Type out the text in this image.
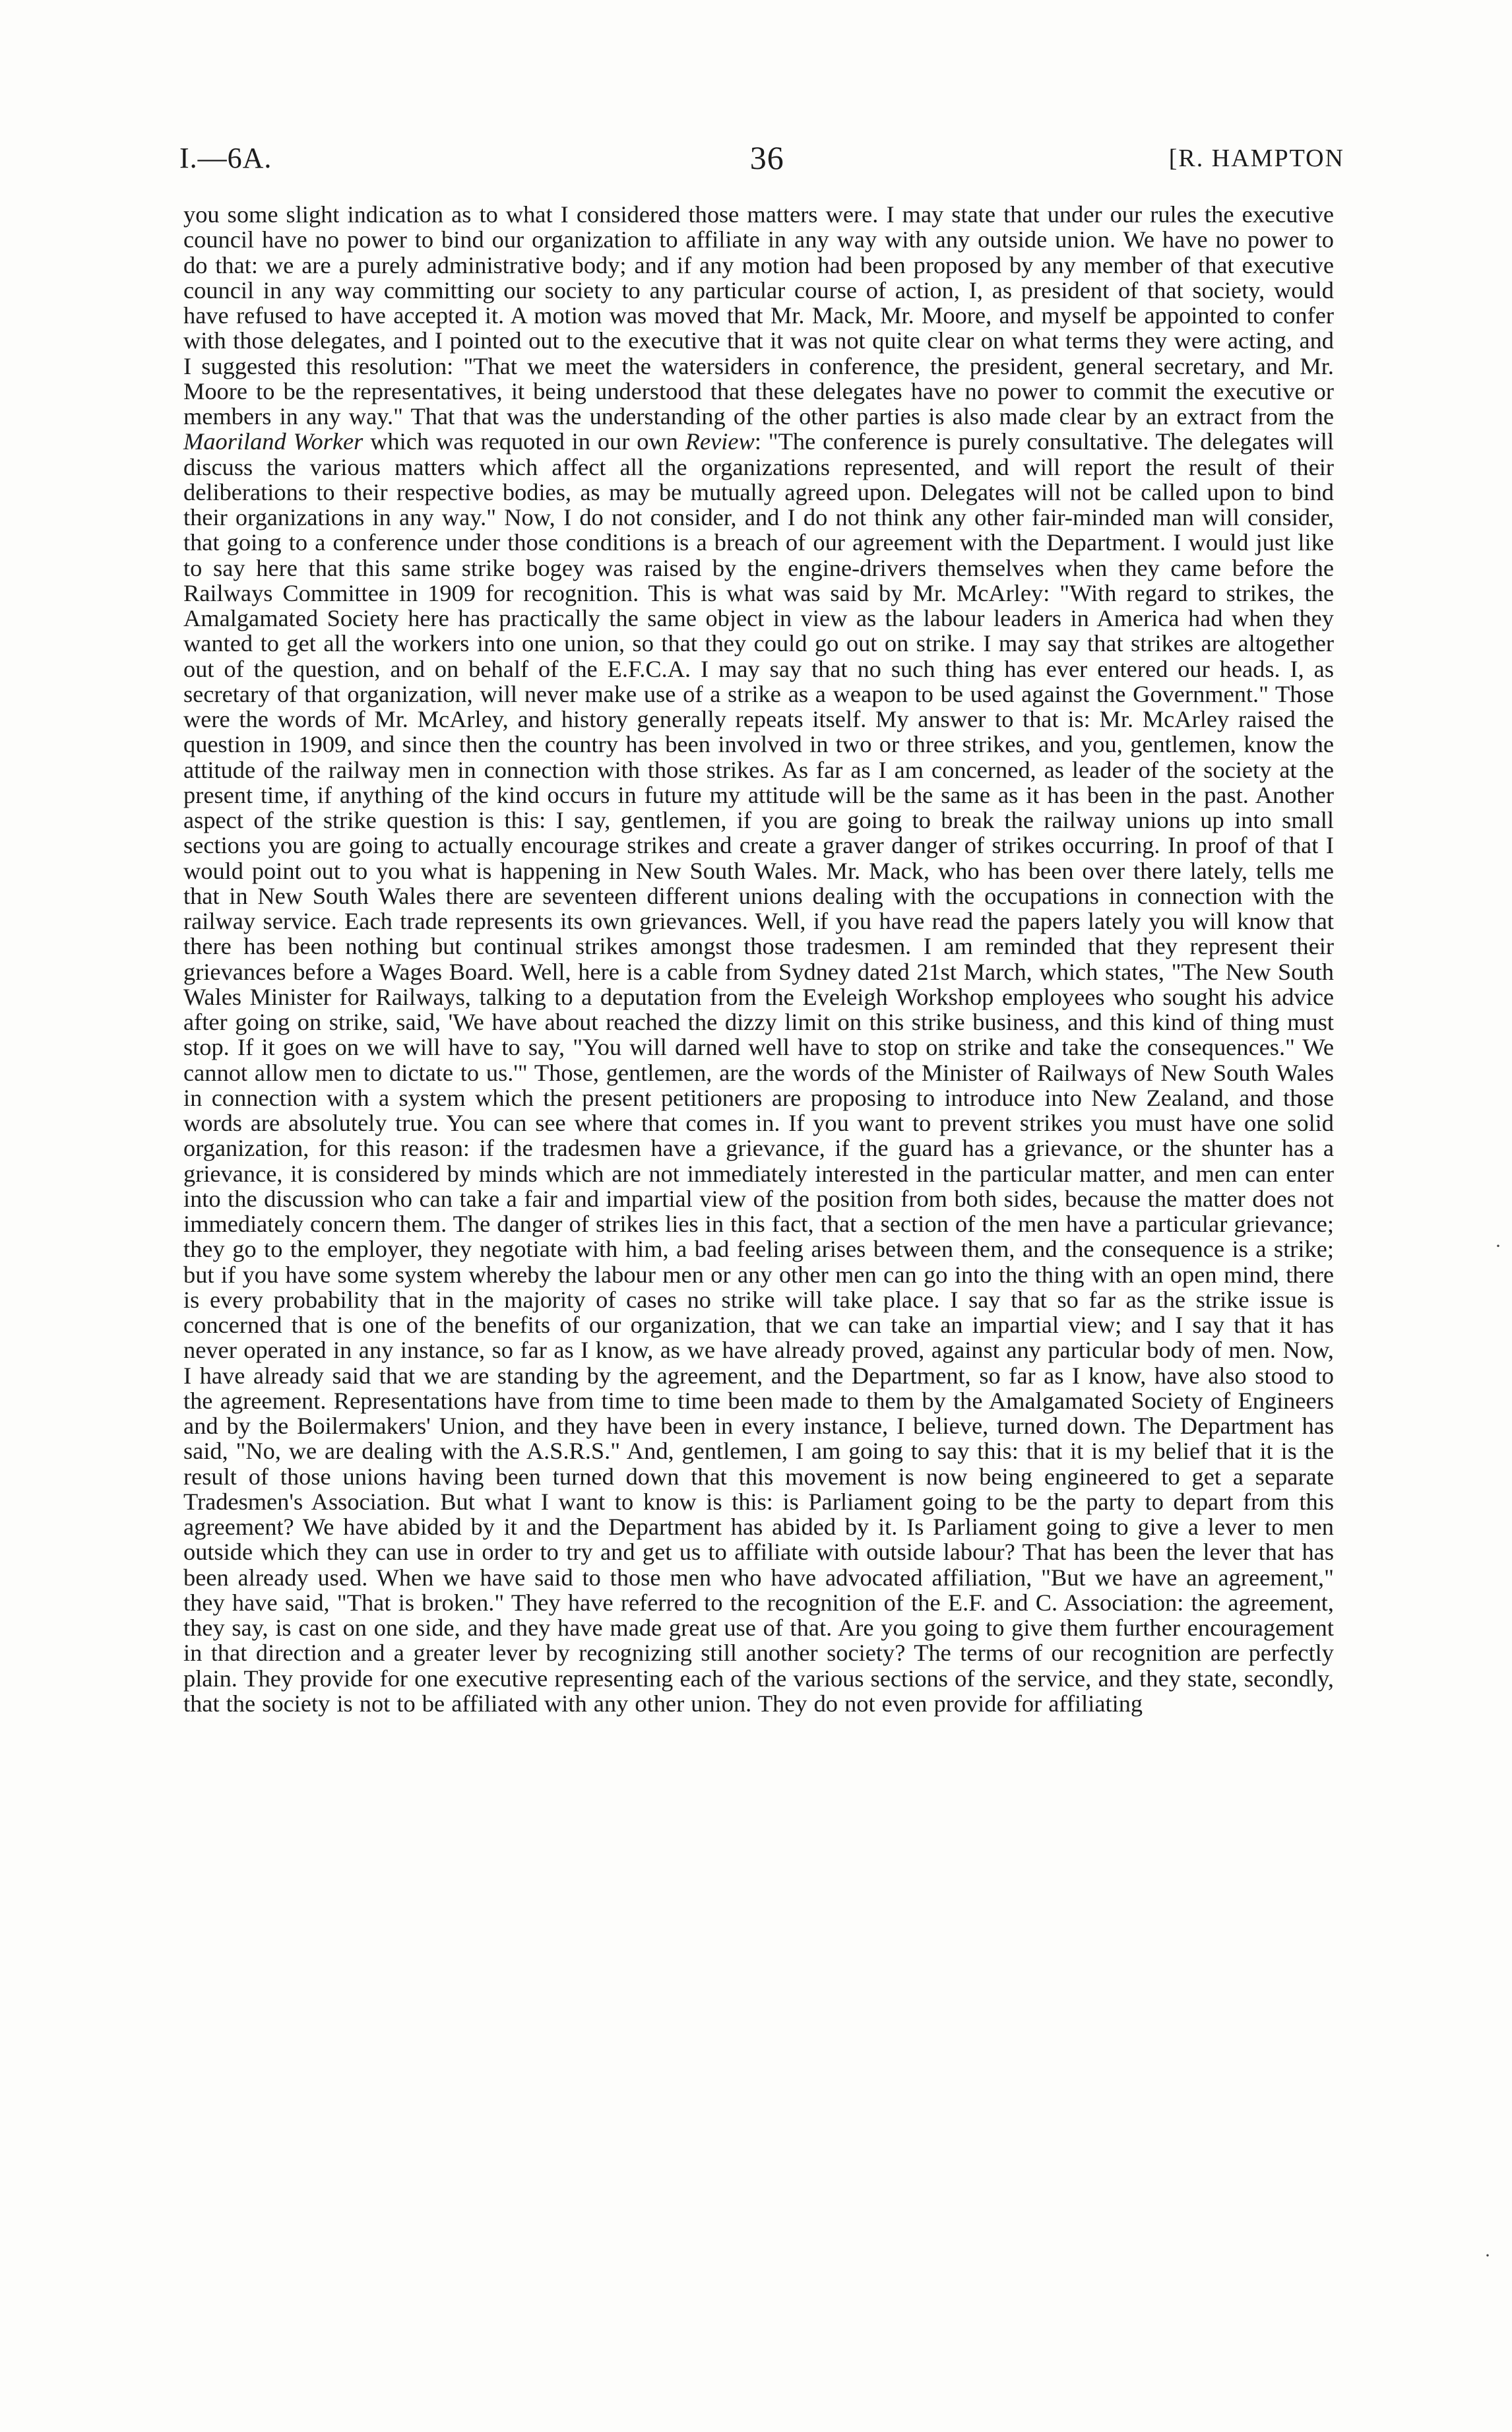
I.—6A.	36	[R. HAMPTON

you some slight indication as to what I considered those matters were. I may state that under our rules the executive council have no power to bind our organization to affiliate in any way with any outside union. We have no power to do that: we are a purely administrative body; and if any motion had been proposed by any member of that executive council in any way committing our society to any particular course of action, I, as president of that society, would have refused to have accepted it. A motion was moved that Mr. Mack, Mr. Moore, and myself be appointed to confer with those delegates, and I pointed out to the executive that it was not quite clear on what terms they were acting, and I suggested this resolution: "That we meet the watersiders in conference, the president, general secretary, and Mr. Moore to be the representatives, it being understood that these delegates have no power to commit the executive or members in any way." That that was the understanding of the other parties is also made clear by an extract from the Maoriland Worker which was requoted in our own Review: "The conference is purely consultative. The delegates will discuss the various matters which affect all the organizations represented, and will report the result of their deliberations to their respective bodies, as may be mutually agreed upon. Delegates will not be called upon to bind their organizations in any way." Now, I do not consider, and I do not think any other fair-minded man will consider, that going to a conference under those conditions is a breach of our agreement with the Department. I would just like to say here that this same strike bogey was raised by the engine-drivers themselves when they came before the Railways Committee in 1909 for recognition. This is what was said by Mr. McArley: "With regard to strikes, the Amalgamated Society here has practically the same object in view as the labour leaders in America had when they wanted to get all the workers into one union, so that they could go out on strike. I may say that strikes are altogether out of the question, and on behalf of the E.F.C.A. I may say that no such thing has ever entered our heads. I, as secretary of that organization, will never make use of a strike as a weapon to be used against the Government." Those were the words of Mr. McArley, and history generally repeats itself. My answer to that is: Mr. McArley raised the question in 1909, and since then the country has been involved in two or three strikes, and you, gentlemen, know the attitude of the railway men in connection with those strikes. As far as I am concerned, as leader of the society at the present time, if anything of the kind occurs in future my attitude will be the same as it has been in the past. Another aspect of the strike question is this: I say, gentlemen, if you are going to break the railway unions up into small sections you are going to actually encourage strikes and create a graver danger of strikes occurring. In proof of that I would point out to you what is happening in New South Wales. Mr. Mack, who has been over there lately, tells me that in New South Wales there are seventeen different unions dealing with the occupations in connection with the railway service. Each trade represents its own grievances. Well, if you have read the papers lately you will know that there has been nothing but continual strikes amongst those tradesmen. I am reminded that they represent their grievances before a Wages Board. Well, here is a cable from Sydney dated 21st March, which states, "The New South Wales Minister for Railways, talking to a deputation from the Eveleigh Workshop employees who sought his advice after going on strike, said, 'We have about reached the dizzy limit on this strike business, and this kind of thing must stop. If it goes on we will have to say, "You will darned well have to stop on strike and take the consequences." We cannot allow men to dictate to us.'" Those, gentlemen, are the words of the Minister of Railways of New South Wales in connection with a system which the present petitioners are proposing to introduce into New Zealand, and those words are absolutely true. You can see where that comes in. If you want to prevent strikes you must have one solid organization, for this reason: if the tradesmen have a grievance, if the guard has a grievance, or the shunter has a grievance, it is considered by minds which are not immediately interested in the particular matter, and men can enter into the discussion who can take a fair and impartial view of the position from both sides, because the matter does not immediately concern them. The danger of strikes lies in this fact, that a section of the men have a particular grievance; they go to the employer, they negotiate with him, a bad feeling arises between them, and the consequence is a strike; but if you have some system whereby the labour men or any other men can go into the thing with an open mind, there is every probability that in the majority of cases no strike will take place. I say that so far as the strike issue is concerned that is one of the benefits of our organization, that we can take an impartial view; and I say that it has never operated in any instance, so far as I know, as we have already proved, against any particular body of men. Now, I have already said that we are standing by the agreement, and the Department, so far as I know, have also stood to the agreement. Representations have from time to time been made to them by the Amalgamated Society of Engineers and by the Boilermakers' Union, and they have been in every instance, I believe, turned down. The Department has said, "No, we are dealing with the A.S.R.S." And, gentlemen, I am going to say this: that it is my belief that it is the result of those unions having been turned down that this movement is now being engineered to get a separate Tradesmen's Association. But what I want to know is this: is Parliament going to be the party to depart from this agreement? We have abided by it and the Department has abided by it. Is Parliament going to give a lever to men outside which they can use in order to try and get us to affiliate with outside labour? That has been the lever that has been already used. When we have said to those men who have advocated affiliation, "But we have an agreement," they have said, "That is broken." They have referred to the recognition of the E.F. and C. Association: the agreement, they say, is cast on one side, and they have made great use of that. Are you going to give them further encouragement in that direction and a greater lever by recognizing still another society? The terms of our recognition are perfectly plain. They provide for one executive representing each of the various sections of the service, and they state, secondly, that the society is not to be affiliated with any other union. They do not even provide for affiliating

·
·
